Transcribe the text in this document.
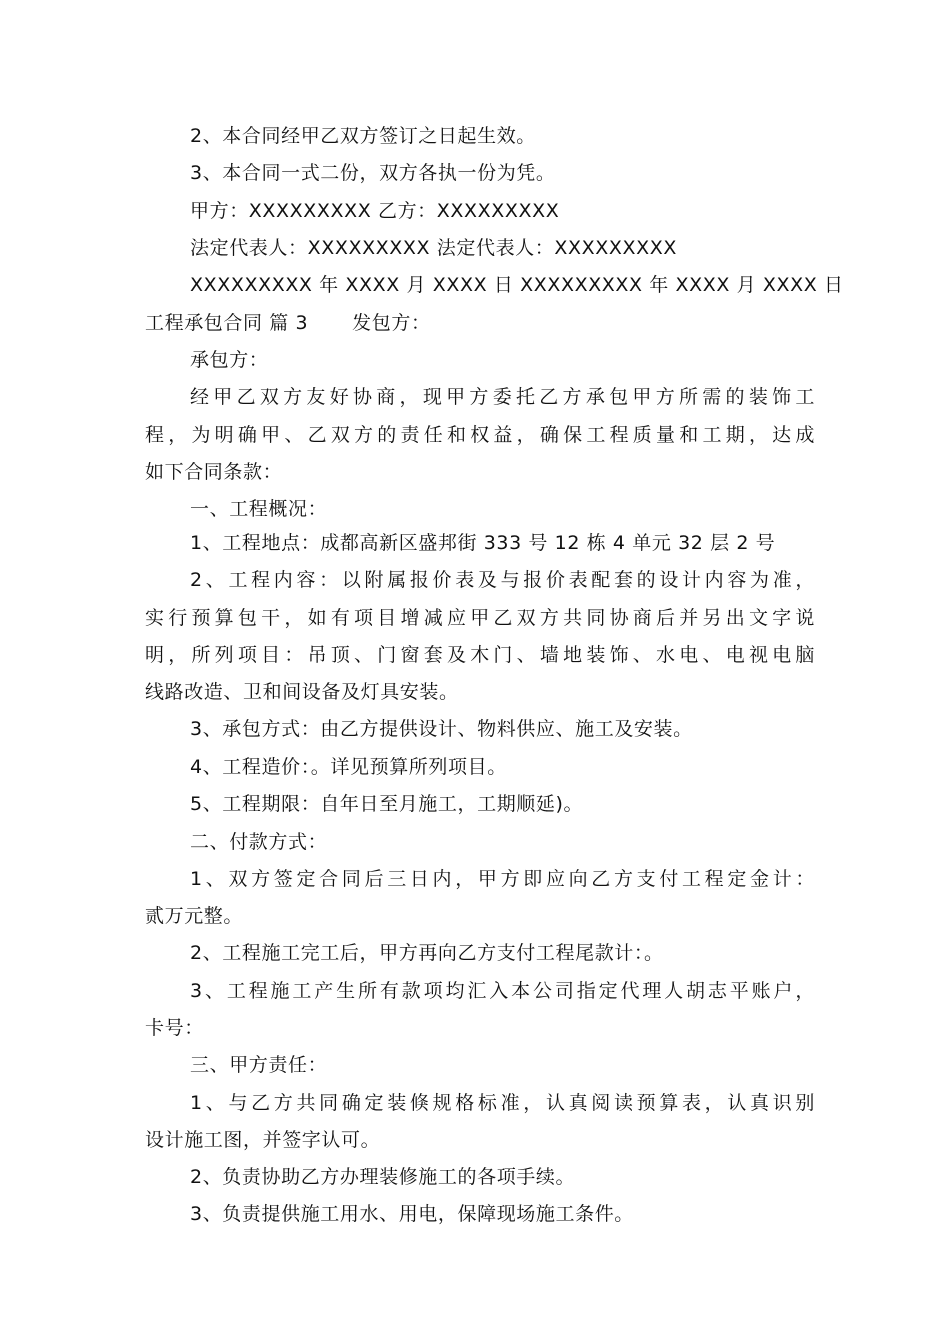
2、本合同经甲乙双方签订之日起生效。
3、本合同一式二份，双方各执一份为凭。
甲方：XXXXXXXXX 乙方：XXXXXXXXX
法定代表人：XXXXXXXXX 法定代表人：XXXXXXXXX
XXXXXXXXX 年 XXXX 月 XXXX 日 XXXXXXXXX 年 XXXX 月 XXXX 日
工程承包合同 篇 3 发包方：
承包方：
经甲乙双方友好协商，现甲方委托乙方承包甲方所需的装饰工
程，为明确甲、乙双方的责任和权益，确保工程质量和工期，达成
如下合同条款：
一、工程概况：
1、工程地点：成都高新区盛邦街 333 号 12 栋 4 单元 32 层 2 号
2、工程内容：以附属报价表及与报价表配套的设计内容为准，
实行预算包干，如有项目增减应甲乙双方共同协商后并另出文字说
明，所列项目：吊顶、门窗套及木门、墙地装饰、水电、电视电脑
线路改造、卫和间设备及灯具安装。
3、承包方式：由乙方提供设计、物料供应、施工及安装。
4、工程造价：。详见预算所列项目。
5、工程期限：自年日至月施工，工期顺延)。
二、付款方式：
1、双方签定合同后三日内，甲方即应向乙方支付工程定金计：
贰万元整。
2、工程施工完工后，甲方再向乙方支付工程尾款计：。
3、工程施工产生所有款项均汇入本公司指定代理人胡志平账户，
卡号：
三、甲方责任：
1、与乙方共同确定装倏规格标准，认真阅读预算表，认真识别
设计施工图，并签字认可。
2、负责协助乙方办理装修施工的各项手续。
3、负责提供施工用水、用电，保障现场施工条件。
